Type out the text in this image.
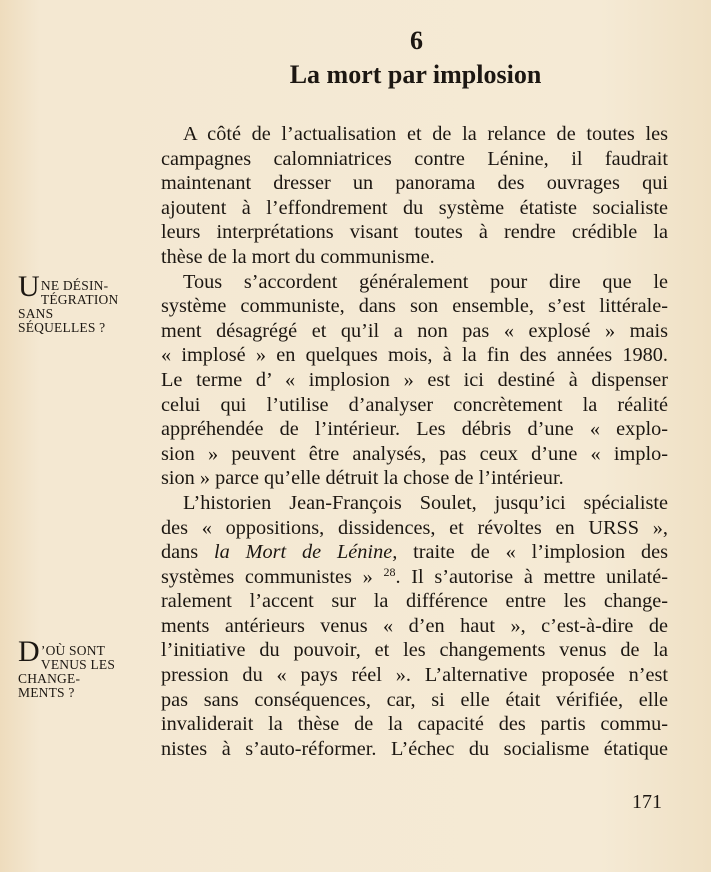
6
La mort par implosion
U NE DÉSIN-
TÉGRATION
SANS
SÉQUELLES ?
D ’OÙ SONT
VENUS LES
CHANGE-
MENTS ?
A côté de l’actualisation et de la relance de toutes les
campagnes calomniatrices contre Lénine, il faudrait
maintenant dresser un panorama des ouvrages qui
ajoutent à l’effondrement du système étatiste socialiste
leurs interprétations visant toutes à rendre crédible la
thèse de la mort du communisme.
Tous s’accordent généralement pour dire que le
système communiste, dans son ensemble, s’est littérale-
ment désagrégé et qu’il a non pas « explosé » mais
« implosé » en quelques mois, à la fin des années 1980.
Le terme d’ « implosion » est ici destiné à dispenser
celui qui l’utilise d’analyser concrètement la réalité
appréhendée de l’intérieur. Les débris d’une « explo-
sion » peuvent être analysés, pas ceux d’une « implo-
sion » parce qu’elle détruit la chose de l’intérieur.
L’historien Jean-François Soulet, jusqu’ici spécialiste
des « oppositions, dissidences, et révoltes en URSS »,
dans la Mort de Lénine, traite de « l’implosion des
systèmes communistes » $^{28}$. Il s’autorise à mettre unilaté-
ralement l’accent sur la différence entre les change-
ments antérieurs venus « d’en haut », c’est-à-dire de
l’initiative du pouvoir, et les changements venus de la
pression du « pays réel ». L’alternative proposée n’est
pas sans conséquences, car, si elle était vérifiée, elle
invaliderait la thèse de la capacité des partis commu-
nistes à s’auto-réformer. L’échec du socialisme étatique
171
